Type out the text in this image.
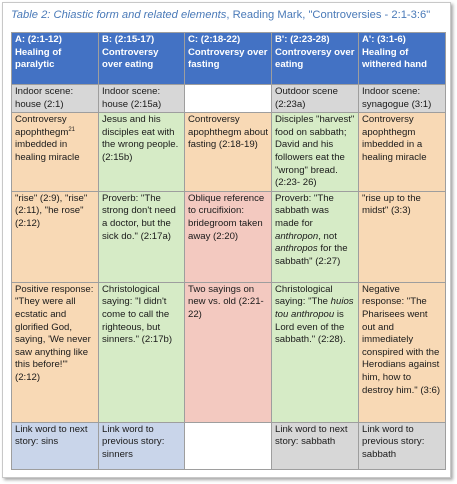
Table 2: Chiastic form and related elements, Reading Mark, "Controversies - 2:1-3:6"
A: (2:1-12) Healing of paralytic	B: (2:15-17) Controversy over eating	C: (2:18-22) Controversy over fasting	B': (2:23-28) Controversy over eating	A': (3:1-6) Healing of withered hand
Indoor scene: house (2:1)	Indoor scene: house (2:15a)		Outdoor scene (2:23a)	Indoor scene: synagogue (3:1)
Controversy apophthegm$^{21}$ imbedded in healing miracle	Jesus and his disciples eat with the wrong people. (2:15b)	Controversy apophthegm about fasting (2:18-19)	Disciples "harvest" food on sabbath; David and his followers eat the "wrong" bread. (2:23- 26)	Controversy apophthegm imbedded in a healing miracle
"rise" (2:9), "rise" (2:11), "he rose" (2:12)	Proverb: "The strong don't need a doctor, but the sick do." (2:17a)	Oblique reference to crucifixion: bridegroom taken away (2:20)	Proverb: "The sabbath was made for anthropon, not anthropos for the sabbath" (2:27)	"rise up to the midst" (3:3)
Positive response: "They were all ecstatic and glorified God, saying, 'We never saw anything like this before!'" (2:12)	Christological saying: "I didn't come to call the righteous, but sinners." (2:17b)	Two sayings on new vs. old (2:21-22)	Christological saying: "The huios tou anthropou is Lord even of the sabbath." (2:28).	Negative response: "The Pharisees went out and immediately conspired with the Herodians against him, how to destroy him." (3:6)
Link word to next story: sins	Link word to previous story: sinners		Link word to next story: sabbath	Link word to previous story: sabbath
